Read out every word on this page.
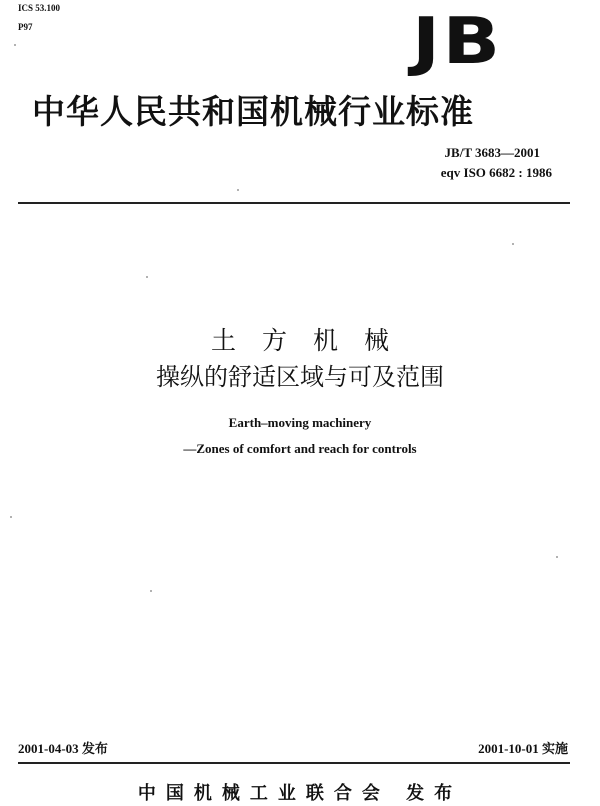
ICS 53.100
P97	JB
中华人民共和国机械行业标准
JB/T 3683—2001
eqv ISO 6682 : 1986
土方机械
操纵的舒适区域与可及范围
Earth–moving machinery
—Zones of comfort and reach for controls
2001-04-03 发布	2001-10-01 实施
中国机械工业联合会 发布
